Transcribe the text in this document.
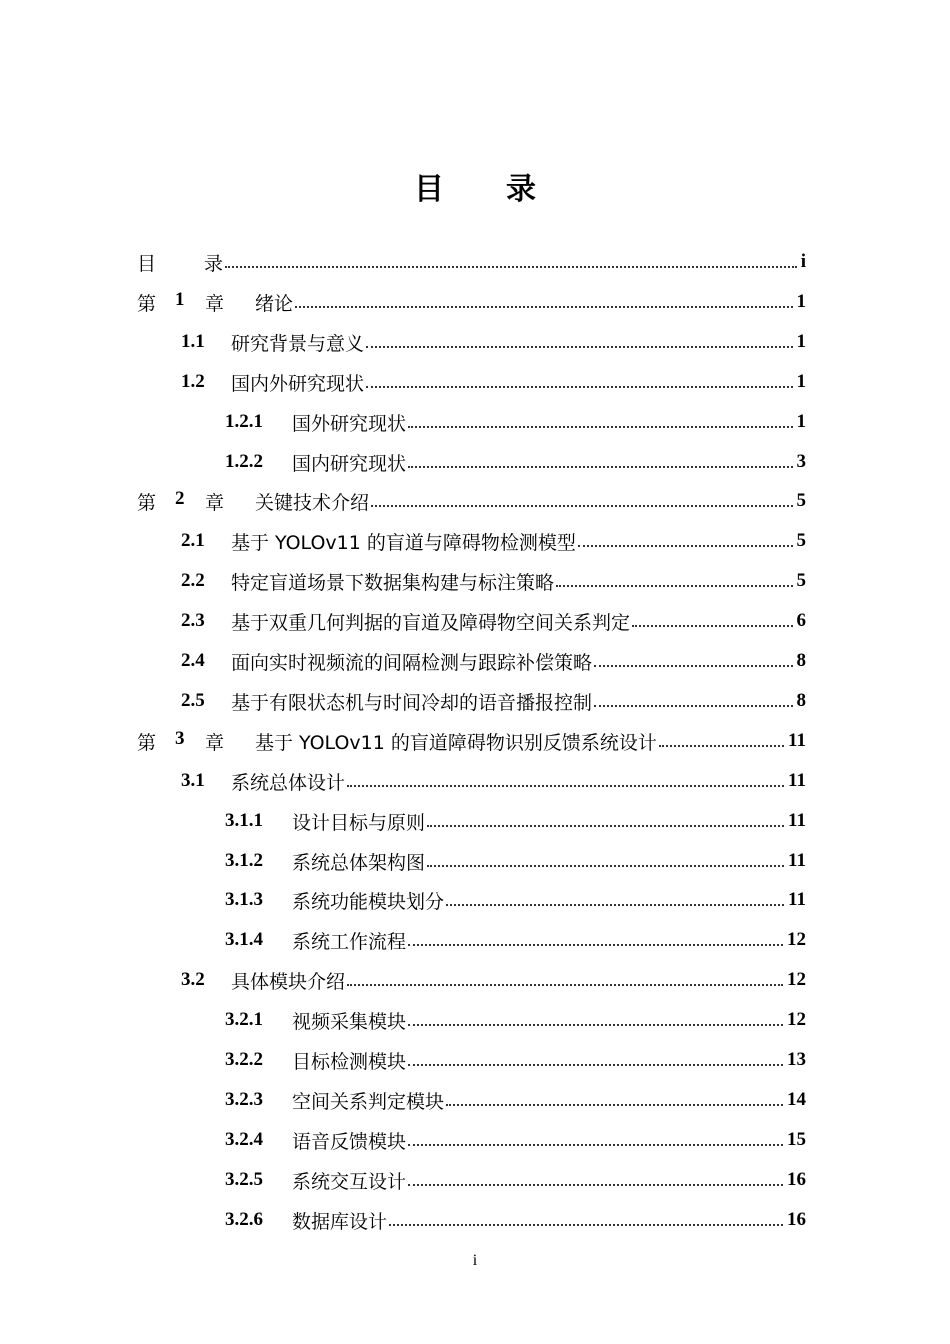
目 录
目	录	i
第 1	章	绪论	1
1.1	研究背景与意义	1
1.2	国内外研究现状	1
1.2.1	国外研究现状	1
1.2.2	国内研究现状	3
第 2	章	关键技术介绍	5
2.1	基于 YOLOv11 的盲道与障碍物检测模型	5
2.2	特定盲道场景下数据集构建与标注策略	5
2.3	基于双重几何判据的盲道及障碍物空间关系判定	6
2.4	面向实时视频流的间隔检测与跟踪补偿策略	8
2.5	基于有限状态机与时间冷却的语音播报控制	8
第 3	章	基于 YOLOv11 的盲道障碍物识别反馈系统设计	11
3.1	系统总体设计	11
3.1.1	设计目标与原则	11
3.1.2	系统总体架构图	11
3.1.3	系统功能模块划分	11
3.1.4	系统工作流程	12
3.2	具体模块介绍	12
3.2.1	视频采集模块	12
3.2.2	目标检测模块	13
3.2.3	空间关系判定模块	14
3.2.4	语音反馈模块	15
3.2.5	系统交互设计	16
3.2.6	数据库设计	16
i
